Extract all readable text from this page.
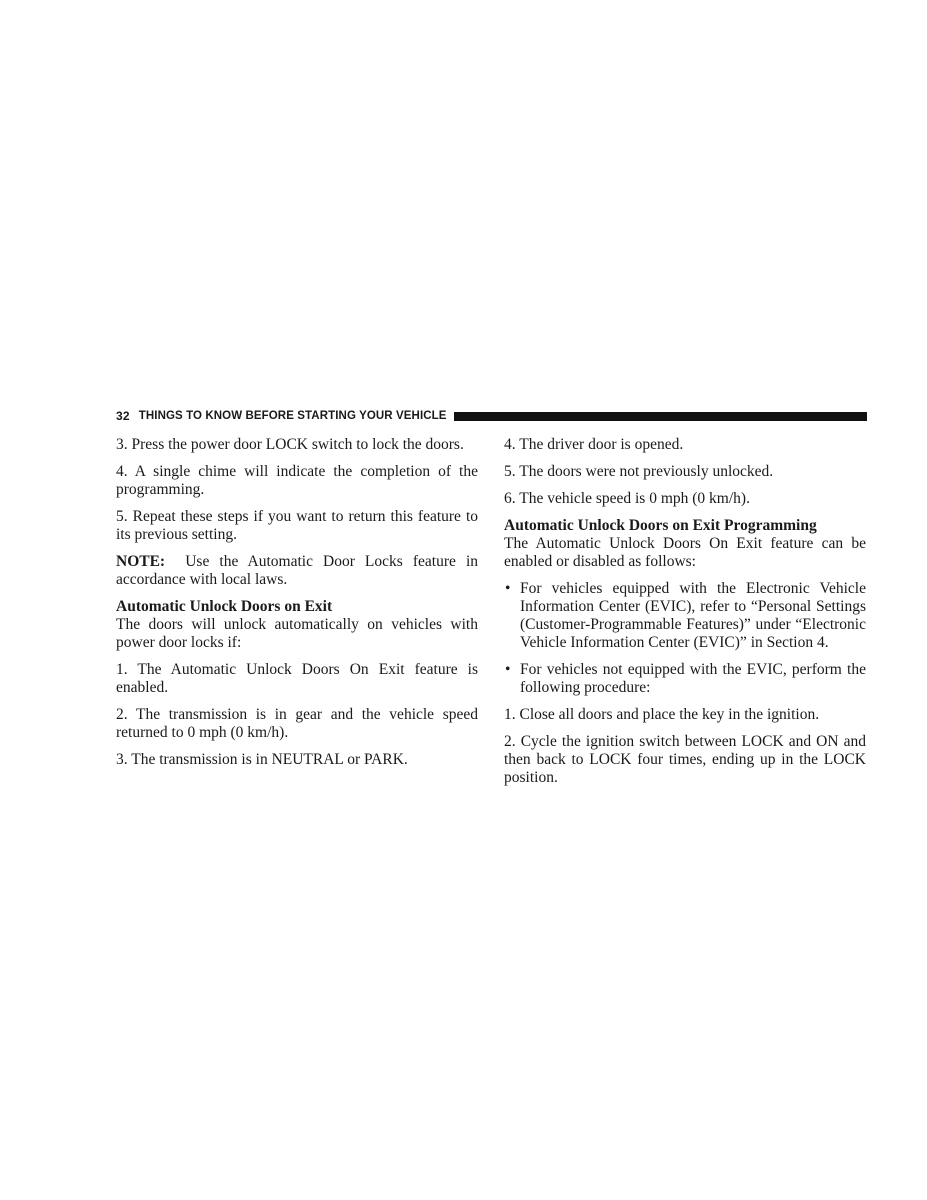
32 THINGS TO KNOW BEFORE STARTING YOUR VEHICLE

3. Press the power door LOCK switch to lock the doors.

4. A single chime will indicate the completion of the programming.

5. Repeat these steps if you want to return this feature to its previous setting.

NOTE: Use the Automatic Door Locks feature in accordance with local laws.

Automatic Unlock Doors on Exit

The doors will unlock automatically on vehicles with power door locks if:

1. The Automatic Unlock Doors On Exit feature is enabled.

2. The transmission is in gear and the vehicle speed returned to 0 mph (0 km/h).

3. The transmission is in NEUTRAL or PARK.

4. The driver door is opened.

5. The doors were not previously unlocked.

6. The vehicle speed is 0 mph (0 km/h).

Automatic Unlock Doors on Exit Programming

The Automatic Unlock Doors On Exit feature can be enabled or disabled as follows:

• For vehicles equipped with the Electronic Vehicle Information Center (EVIC), refer to “Personal Settings (Customer-Programmable Features)” under “Electronic Vehicle Information Center (EVIC)” in Section 4.
• For vehicles not equipped with the EVIC, perform the following procedure:

1. Close all doors and place the key in the ignition.

2. Cycle the ignition switch between LOCK and ON and then back to LOCK four times, ending up in the LOCK position.
